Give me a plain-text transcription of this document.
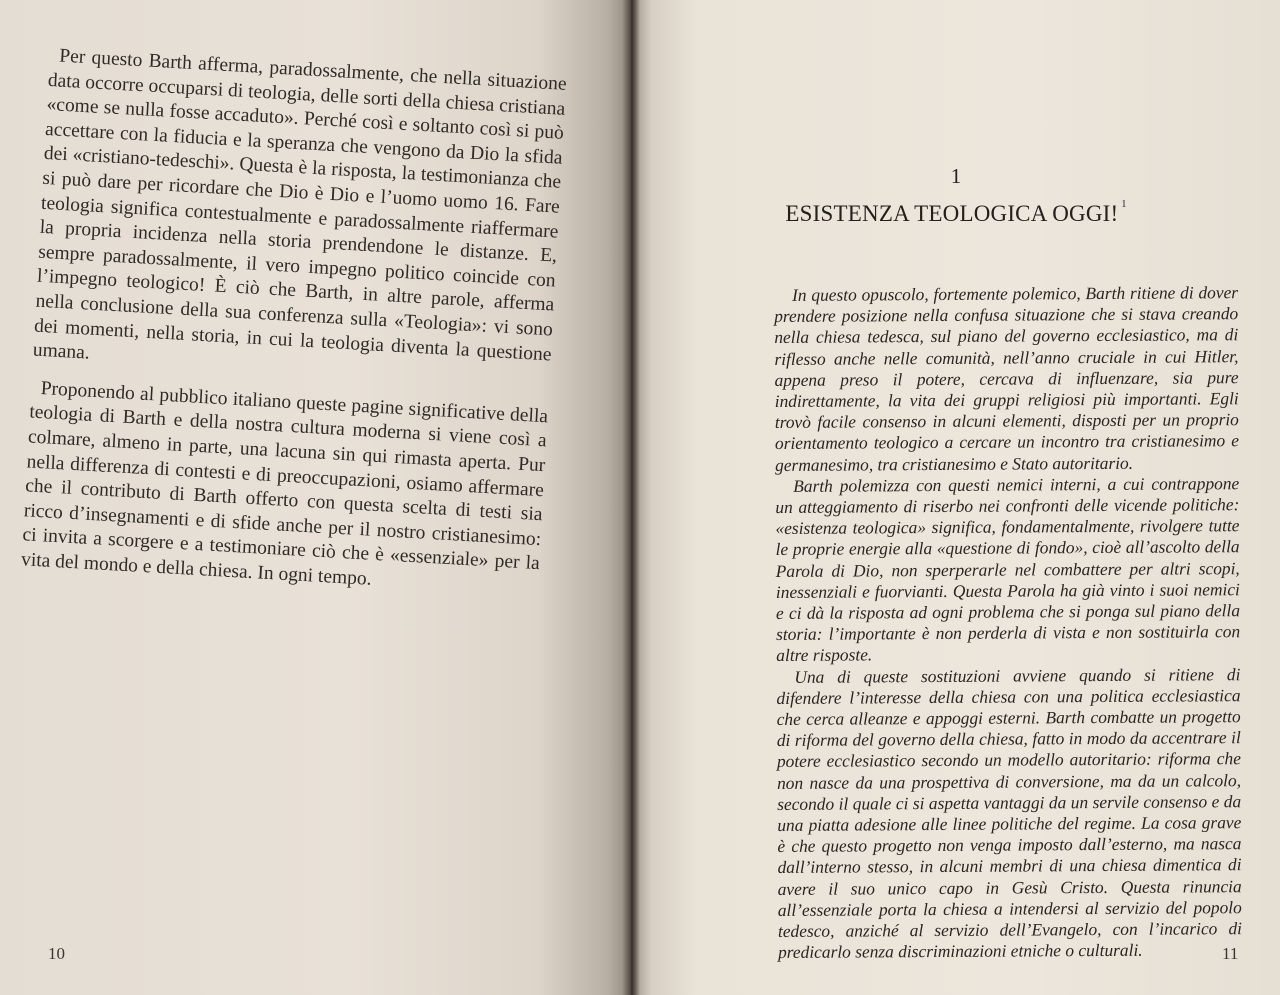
Per questo Barth afferma, paradossalmente, che nella situazione data occorre occuparsi di teologia, delle sorti della chiesa cristiana «come se nulla fosse accaduto». Perché così e soltanto così si può accettare con la fiducia e la speranza che vengono da Dio la sfida dei «cristiano-tedeschi». Questa è la risposta, la testimonianza che si può dare per ricordare che Dio è Dio e l’uomo uomo 16. Fare teologia significa contestualmente e paradossalmente riaffermare la propria incidenza nella storia prendendone le distanze. E, sempre paradossalmente, il vero impegno politico coincide con l’impegno teologico! È ciò che Barth, in altre parole, afferma nella conclusione della sua conferenza sulla «Teologia»: vi sono dei momenti, nella storia, in cui la teologia diventa la questione umana.

Proponendo al pubblico italiano queste pagine significative della teologia di Barth e della nostra cultura moderna si viene così a colmare, almeno in parte, una lacuna sin qui rimasta aperta. Pur nella differenza di contesti e di preoccupazioni, osiamo affermare che il contributo di Barth offerto con questa scelta di testi sia ricco d’insegnamenti e di sfide anche per il nostro cristianesimo: ci invita a scorgere e a testimoniare ciò che è «essenziale» per la vita del mondo e della chiesa. In ogni tempo.

10
1
ESISTENZA TEOLOGICA OGGI! $^1$

In questo opuscolo, fortemente polemico, Barth ritiene di dover prendere posizione nella confusa situazione che si stava creando nella chiesa tedesca, sul piano del governo ecclesiastico, ma di riflesso anche nelle comunità, nell’anno cruciale in cui Hitler, appena preso il potere, cercava di influenzare, sia pure indirettamente, la vita dei gruppi religiosi più importanti. Egli trovò facile consenso in alcuni elementi, disposti per un proprio orientamento teologico a cercare un incontro tra cristianesimo e germanesimo, tra cristianesimo e Stato autoritario.

Barth polemizza con questi nemici interni, a cui contrappone un atteggiamento di riserbo nei confronti delle vicende politiche: «esistenza teologica» significa, fondamentalmente, rivolgere tutte le proprie energie alla «questione di fondo», cioè all’ascolto della Parola di Dio, non sperperarle nel combattere per altri scopi, inessenziali e fuorvianti. Questa Parola ha già vinto i suoi nemici e ci dà la risposta ad ogni problema che si ponga sul piano della storia: l’importante è non perderla di vista e non sostituirla con altre risposte.

Una di queste sostituzioni avviene quando si ritiene di difendere l’interesse della chiesa con una politica ecclesiastica che cerca alleanze e appoggi esterni. Barth combatte un progetto di riforma del governo della chiesa, fatto in modo da accentrare il potere ecclesiastico secondo un modello autoritario: riforma che non nasce da una prospettiva di conversione, ma da un calcolo, secondo il quale ci si aspetta vantaggi da un servile consenso e da una piatta adesione alle linee politiche del regime. La cosa grave è che questo progetto non venga imposto dall’esterno, ma nasca dall’interno stesso, in alcuni membri di una chiesa dimentica di avere il suo unico capo in Gesù Cristo. Questa rinuncia all’essenziale porta la chiesa a intendersi al servizio del popolo tedesco, anziché al servizio dell’Evangelo, con l’incarico di predicarlo senza discriminazioni etniche o culturali.	11
